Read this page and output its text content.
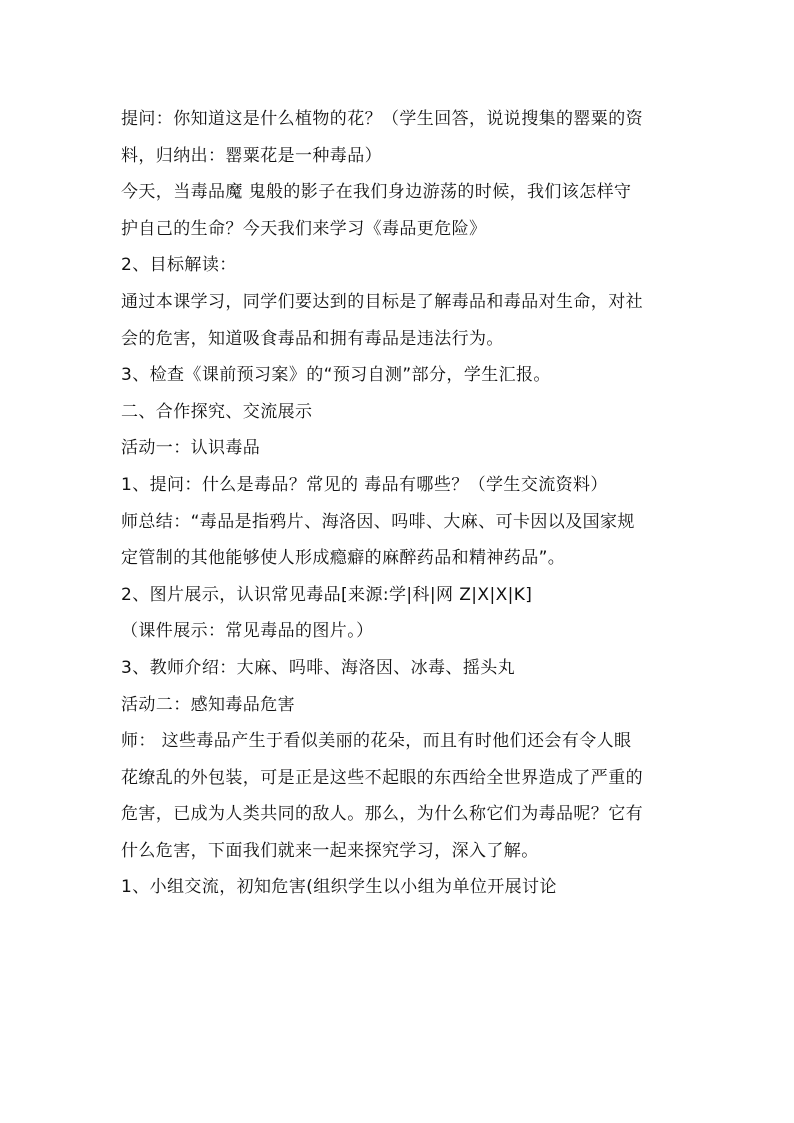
提问：你知道这是什么植物的花？（学生回答，说说搜集的罂粟的资
料，归纳出：罂粟花是一种毒品）
今天，当毒品魔 鬼般的影子在我们身边游荡的时候，我们该怎样守
护自己的生命？今天我们来学习《毒品更危险》
2、目标解读：
通过本课学习，同学们要达到的目标是了解毒品和毒品对生命，对社
会的危害，知道吸食毒品和拥有毒品是违法行为。
3、检查《课前预习案》的“预习自测”部分，学生汇报。
二、合作探究、交流展示
活动一：认识毒品
1、提问：什么是毒品？常见的 毒品有哪些？（学生交流资料）
师总结：“毒品是指鸦片、海洛因、吗啡、大麻、可卡因以及国家规
定管制的其他能够使人形成瘾癖的麻醉药品和精神药品”。
2、图片展示，认识常见毒品[来源:学|科|网 Z|X|X|K]
（课件展示：常见毒品的图片。）
3、教师介绍：大麻、吗啡、海洛因、冰毒、摇头丸
活动二：感知毒品危害
师： 这些毒品产生于看似美丽的花朵，而且有时他们还会有令人眼
花缭乱的外包装，可是正是这些不起眼的东西给全世界造成了严重的
危害，已成为人类共同的敌人。那么，为什么称它们为毒品呢？它有
什么危害，下面我们就来一起来探究学习，深入了解。
1、小组交流，初知危害(组织学生以小组为单位开展讨论
